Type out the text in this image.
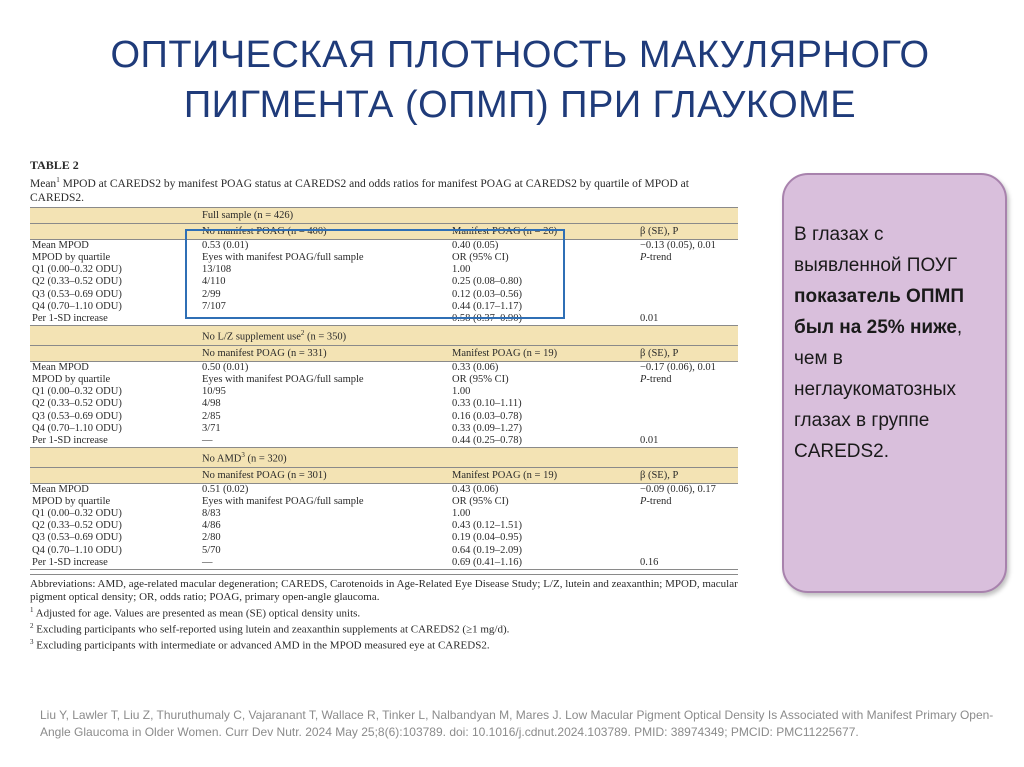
ОПТИЧЕСКАЯ ПЛОТНОСТЬ МАКУЛЯРНОГО ПИГМЕНТА (ОПМП) ПРИ ГЛАУКОМЕ
TABLE 2
Mean$^1$ MPOD at CAREDS2 by manifest POAG status at CAREDS2 and odds ratios for manifest POAG at CAREDS2 by quartile of MPOD at CAREDS2.
	Full sample (n = 426)		
	No manifest POAG (n = 400)	Manifest POAG (n = 26)	β (SE), P
Mean MPOD	0.53 (0.01)	0.40 (0.05)	−0.13 (0.05), 0.01
MPOD by quartile	Eyes with manifest POAG/full sample	OR (95% CI)	P-trend
Q1 (0.00–0.32 ODU)	13/108	1.00	
Q2 (0.33–0.52 ODU)	4/110	0.25 (0.08–0.80)	
Q3 (0.53–0.69 ODU)	2/99	0.12 (0.03–0.56)	
Q4 (0.70–1.10 ODU)	7/107	0.44 (0.17–1.17)	
Per 1-SD increase	—	0.58 (0.37–0.90)	0.01
	No L/Z supplement use$^2$ (n = 350)		
	No manifest POAG (n = 331)	Manifest POAG (n = 19)	β (SE), P
Mean MPOD	0.50 (0.01)	0.33 (0.06)	−0.17 (0.06), 0.01
MPOD by quartile	Eyes with manifest POAG/full sample	OR (95% CI)	P-trend
Q1 (0.00–0.32 ODU)	10/95	1.00	
Q2 (0.33–0.52 ODU)	4/98	0.33 (0.10–1.11)	
Q3 (0.53–0.69 ODU)	2/85	0.16 (0.03–0.78)	
Q4 (0.70–1.10 ODU)	3/71	0.33 (0.09–1.27)	
Per 1-SD increase	—	0.44 (0.25–0.78)	0.01
	No AMD$^3$ (n = 320)		
	No manifest POAG (n = 301)	Manifest POAG (n = 19)	β (SE), P
Mean MPOD	0.51 (0.02)	0.43 (0.06)	−0.09 (0.06), 0.17
MPOD by quartile	Eyes with manifest POAG/full sample	OR (95% CI)	P-trend
Q1 (0.00–0.32 ODU)	8/83	1.00	
Q2 (0.33–0.52 ODU)	4/86	0.43 (0.12–1.51)	
Q3 (0.53–0.69 ODU)	2/80	0.19 (0.04–0.95)	
Q4 (0.70–1.10 ODU)	5/70	0.64 (0.19–2.09)	
Per 1-SD increase	—	0.69 (0.41–1.16)	0.16
Abbreviations: AMD, age-related macular degeneration; CAREDS, Carotenoids in Age-Related Eye Disease Study; L/Z, lutein and zeaxanthin; MPOD, macular pigment optical density; OR, odds ratio; POAG, primary open-angle glaucoma.
$^1$ Adjusted for age. Values are presented as mean (SE) optical density units.
$^2$ Excluding participants who self-reported using lutein and zeaxanthin supplements at CAREDS2 (≥1 mg/d).
$^3$ Excluding participants with intermediate or advanced AMD in the MPOD measured eye at CAREDS2.
В глазах с выявленной ПОУГ показатель ОПМП был на 25% ниже, чем в неглаукоматозных глазах в группе CAREDS2.
Liu Y, Lawler T, Liu Z, Thuruthumaly C, Vajaranant T, Wallace R, Tinker L, Nalbandyan M, Mares J. Low Macular Pigment Optical Density Is Associated with Manifest Primary Open-Angle Glaucoma in Older Women. Curr Dev Nutr. 2024 May 25;8(6):103789. doi: 10.1016/j.cdnut.2024.103789. PMID: 38974349; PMCID: PMC11225677.
